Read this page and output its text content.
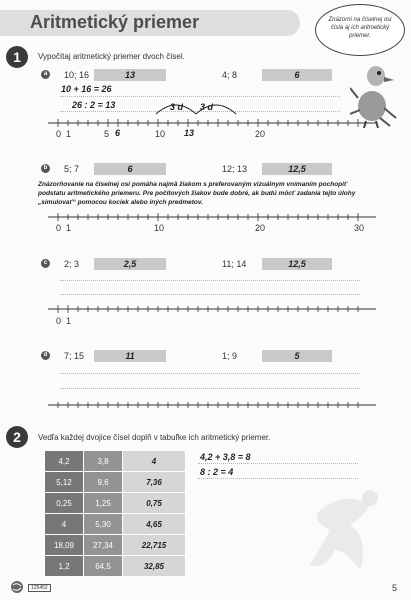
Aritmetický priemer
1
Znázorni na číselnej osi čísla aj ich aritmetický priemer.
Vypočítaj aritmetický priemer dvoch čísel.
a	10; 16	13	4; 8	6
10 + 16 = 26
26 : 2 = 13	3 d 3 d
0 1	5 6	10 13	20
b 5; 7	6	12; 13	12,5
Znázorňovanie na číselnej osi pomáha najmä žiakom s preferovaným vizuálnym vnímaním pochopiť podstatu aritmetického priemeru. Pre počítových žiakov bude dobré, ak budú môcť zadania tejto úlohy „simulovať“ pomocou kociek alebo iných predmetov.
0 1	10	20	30
c	2; 3	2,5	11; 14	12,5
0 1
d 7; 15	11	1; 9	5
2	Vedľa každej dvojice čísel doplň v tabuľke ich aritmetický priemer.
4,2	3,8	4
5,12	9,6	7,36
0,25	1,25	0,75
4	5,30	4,65
18,09	27,34	22,715
1,2	64,5	32,85
4,2 + 3,8 = 8
8 : 2 = 4
125452	5
